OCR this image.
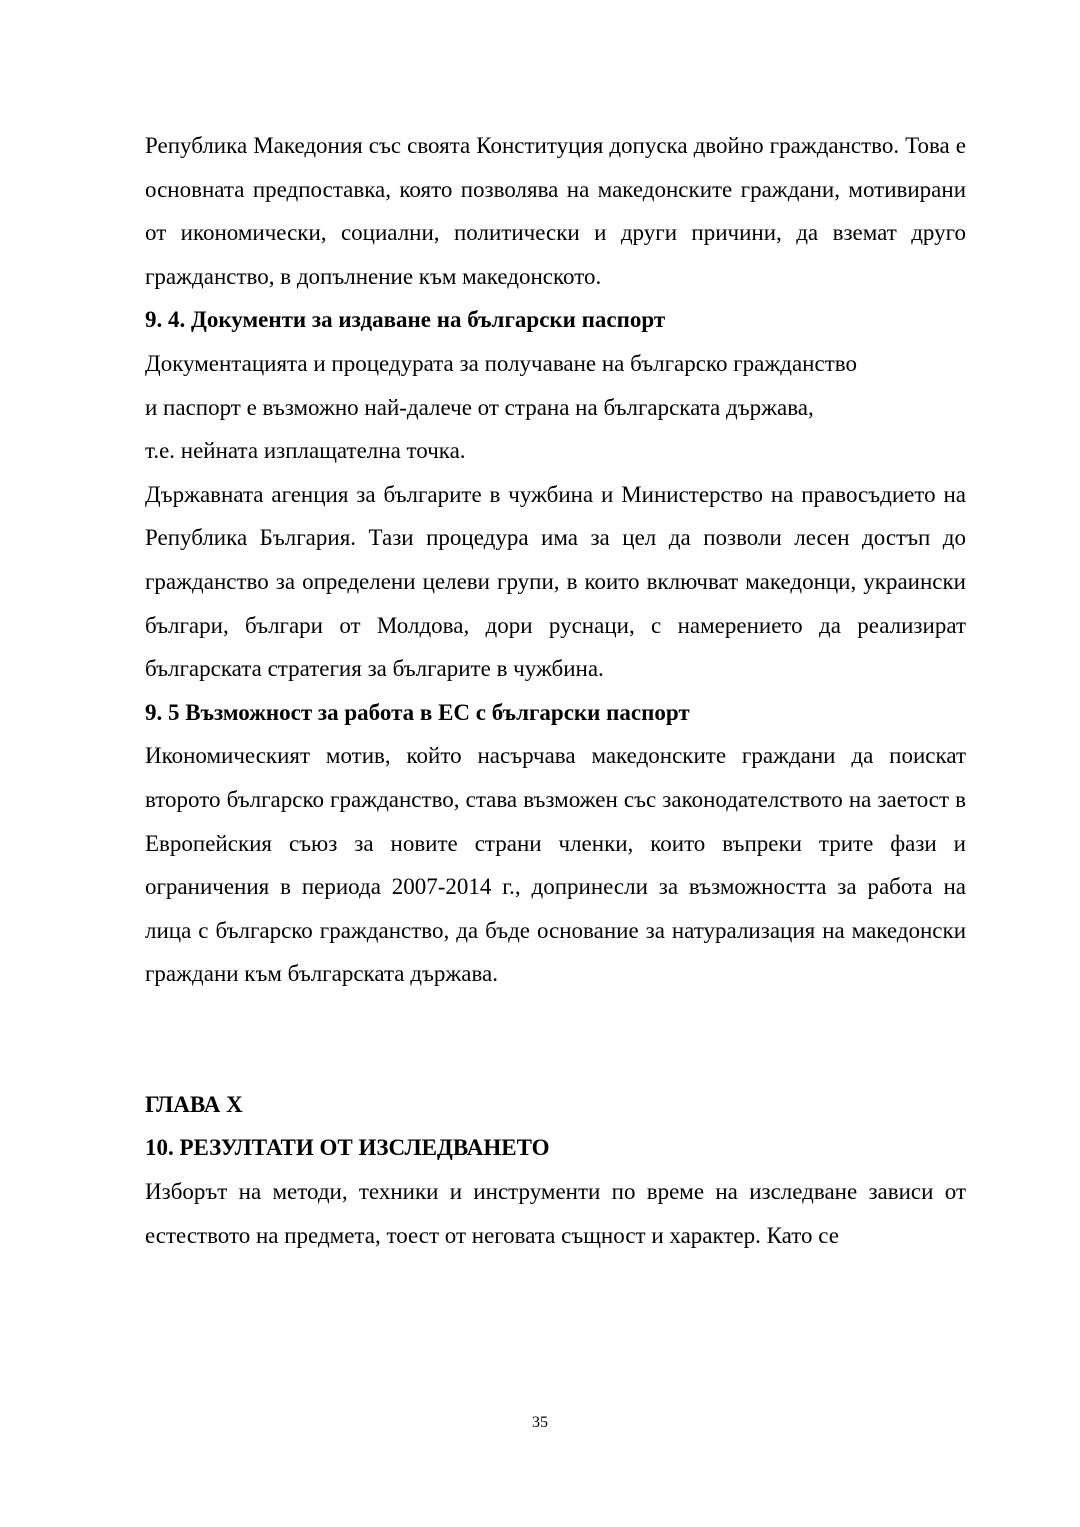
Република Македония със своята Конституция допуска двойно гражданство. Това е основната предпоставка, която позволява на македонските граждани, мотивирани от икономически, социални, политически и други причини, да вземат друго гражданство, в допълнение към македонското.

9. 4. Документи за издаване на български паспорт

Документацията и процедурата за получаване на българско гражданство

и паспорт е възможно най-далече от страна на българската държава,

т.е. нейната изплащателна точка.

Държавната агенция за българите в чужбина и Министерство на правосъдието на Република България. Тази процедура има за цел да позволи лесен достъп до гражданство за определени целеви групи, в които включват македонци, украински българи, българи от Молдова, дори руснаци, с намерението да реализират българската стратегия за българите в чужбина.

9. 5 Възможност за работа в ЕС с български паспорт

Икономическият мотив, който насърчава македонските граждани да поискат второто българско гражданство, става възможен със законодателството на заетост в Европейския съюз за новите страни членки, които въпреки трите фази и ограничения в периода 2007-2014 г., допринесли за възможността за работа на лица с българско гражданство, да бъде основание за натурализация на македонски граждани към българската държава.

ГЛАВА X
10. РЕЗУЛТАТИ ОТ ИЗСЛЕДВАНЕТО

Изборът на методи, техники и инструменти по време на изследване зависи от естеството на предмета, тоест от неговата същност и характер. Като се

35
